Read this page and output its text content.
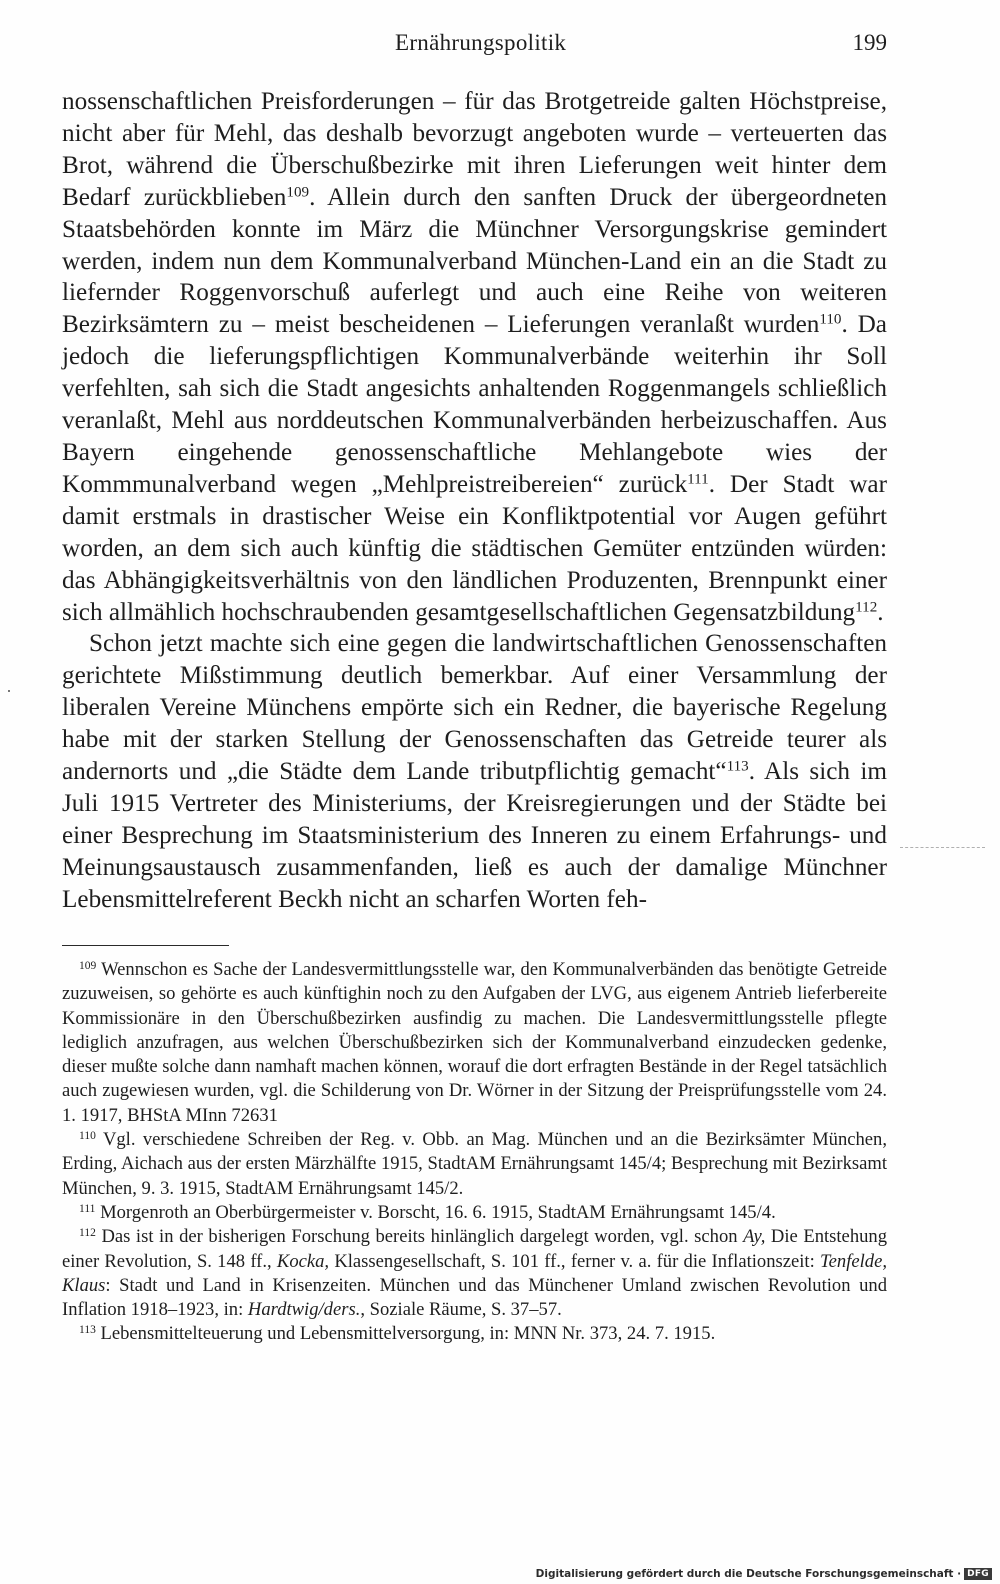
Ernährungspolitik	199

nossenschaftlichen Preisforderungen – für das Brotgetreide galten Höchstpreise, nicht aber für Mehl, das deshalb bevorzugt angeboten wurde – verteuerten das Brot, während die Überschußbezirke mit ihren Lieferungen weit hinter dem Bedarf zurückblieben$^{109}$. Allein durch den sanften Druck der übergeordneten Staatsbehörden konnte im März die Münchner Versorgungskrise gemindert werden, indem nun dem Kommunalverband München-Land ein an die Stadt zu liefernder Roggenvorschuß auferlegt und auch eine Reihe von weiteren Bezirksämtern zu – meist bescheidenen – Lieferungen veranlaßt wurden$^{110}$. Da jedoch die lieferungspflichtigen Kommunalverbände weiterhin ihr Soll verfehlten, sah sich die Stadt angesichts anhaltenden Roggenmangels schließlich veranlaßt, Mehl aus norddeutschen Kommunalverbänden herbeizuschaffen. Aus Bayern eingehende genossenschaftliche Mehlangebote wies der Kommmunalverband wegen „Mehlpreistreibereien“ zurück$^{111}$. Der Stadt war damit erstmals in drastischer Weise ein Konfliktpotential vor Augen geführt worden, an dem sich auch künftig die städtischen Gemüter entzünden würden: das Abhängigkeitsverhältnis von den ländlichen Produzenten, Brennpunkt einer sich allmählich hochschraubenden gesamtgesellschaftlichen Gegensatzbildung$^{112}$.

Schon jetzt machte sich eine gegen die landwirtschaftlichen Genossenschaften gerichtete Mißstimmung deutlich bemerkbar. Auf einer Versammlung der liberalen Vereine Münchens empörte sich ein Redner, die bayerische Regelung habe mit der starken Stellung der Genossenschaften das Getreide teurer als andernorts und „die Städte dem Lande tributpflichtig gemacht“$^{113}$. Als sich im Juli 1915 Vertreter des Ministeriums, der Kreisregierungen und der Städte bei einer Besprechung im Staatsministerium des Inneren zu einem Erfahrungs- und Meinungsaustausch zusammenfanden, ließ es auch der damalige Münchner Lebensmittelreferent Beckh nicht an scharfen Worten feh-

$^{109}$ Wennschon es Sache der Landesvermittlungsstelle war, den Kommunalverbänden das benötigte Getreide zuzuweisen, so gehörte es auch künftighin noch zu den Aufgaben der LVG, aus eigenem Antrieb lieferbereite Kommissionäre in den Überschußbezirken ausfindig zu machen. Die Landesvermittlungsstelle pflegte lediglich anzufragen, aus welchen Überschußbezirken sich der Kommunalverband einzudecken gedenke, dieser mußte solche dann namhaft machen können, worauf die dort erfragten Bestände in der Regel tatsächlich auch zugewiesen wurden, vgl. die Schilderung von Dr. Wörner in der Sitzung der Preisprüfungsstelle vom 24. 1. 1917, BHStA MInn 72631

$^{110}$ Vgl. verschiedene Schreiben der Reg. v. Obb. an Mag. München und an die Bezirksämter München, Erding, Aichach aus der ersten Märzhälfte 1915, StadtAM Ernährungsamt 145/4; Besprechung mit Bezirksamt München, 9. 3. 1915, StadtAM Ernährungsamt 145/2.

$^{111}$ Morgenroth an Oberbürgermeister v. Borscht, 16. 6. 1915, StadtAM Ernährungsamt 145/4.

$^{112}$ Das ist in der bisherigen Forschung bereits hinlänglich dargelegt worden, vgl. schon Ay, Die Entstehung einer Revolution, S. 148 ff., Kocka, Klassengesellschaft, S. 101 ff., ferner v. a. für die Inflationszeit: Tenfelde, Klaus: Stadt und Land in Krisenzeiten. München und das Münchener Umland zwischen Revolution und Inflation 1918–1923, in: Hardtwig/ders., Soziale Räume, S. 37–57.

$^{113}$ Lebensmittelteuerung und Lebensmittelversorgung, in: MNN Nr. 373, 24. 7. 1915.

Digitalisierung gefördert durch die Deutsche Forschungsgemeinschaft · DFG
